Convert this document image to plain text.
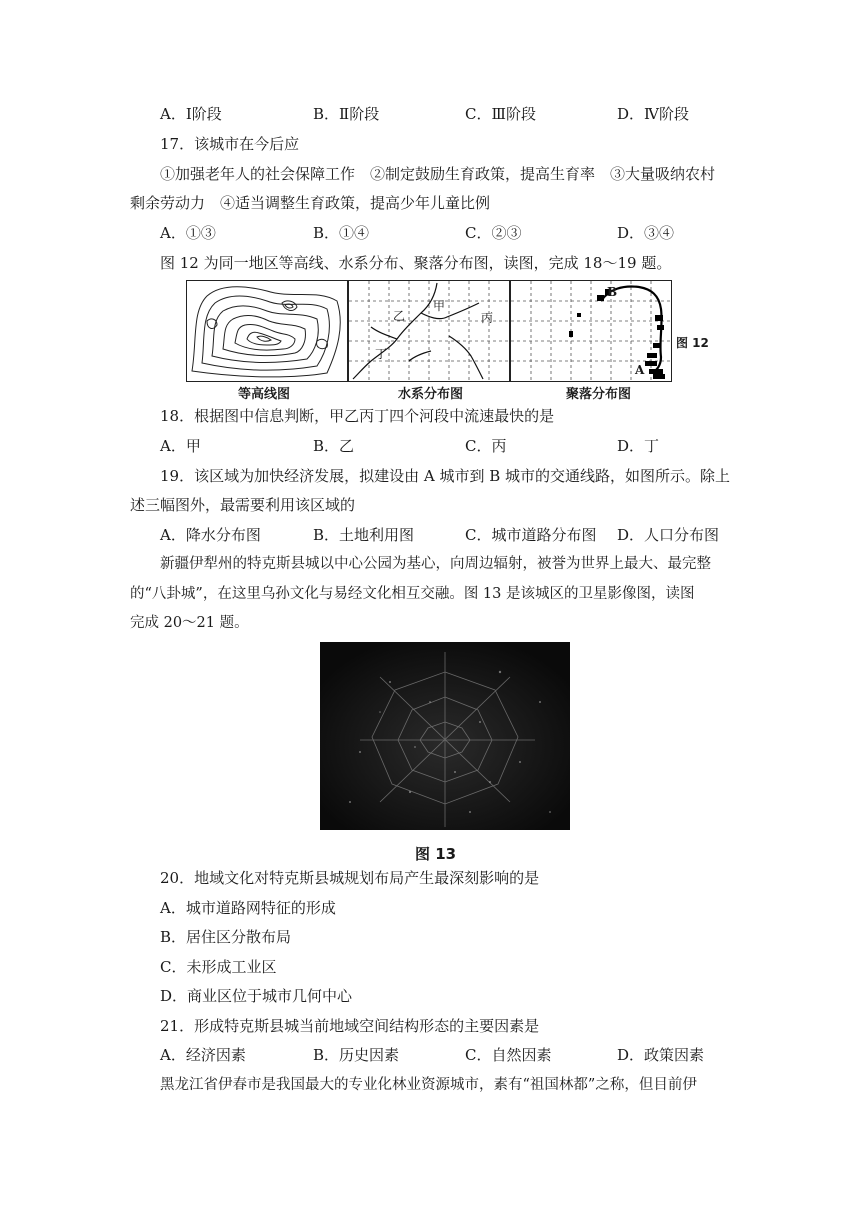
A．Ⅰ阶段	B．Ⅱ阶段	C．Ⅲ阶段	D．Ⅳ阶段
17．该城市在今后应
①加强老年人的社会保障工作　②制定鼓励生育政策，提高生育率　③大量吸纳农村
剩余劳动力　④适当调整生育政策，提高少年儿童比例
A．①③	B．①④	C．②③	D．③④
图 12 为同一地区等高线、水系分布、聚落分布图，读图，完成 18～19 题。
等高线图
乙
甲
丙
丁
水系分布图
B
A
聚落分布图
图 12
18．根据图中信息判断，甲乙丙丁四个河段中流速最快的是
A．甲	B．乙	C．丙	D．丁
19．该区域为加快经济发展，拟建设由 A 城市到 B 城市的交通线路，如图所示。除上
述三幅图外，最需要利用该区域的
A．降水分布图	B．土地利用图	C．城市道路分布图 D．人口分布图
新疆伊犁州的特克斯县城以中心公园为基心，向周边辐射，被誉为世界上最大、最完整
的“八卦城”，在这里乌孙文化与易经文化相互交融。图 13 是该城区的卫星影像图，读图
完成 20～21 题。
图 13
20．地域文化对特克斯县城规划布局产生最深刻影响的是
A．城市道路网特征的形成
B．居住区分散布局
C．未形成工业区
D．商业区位于城市几何中心
21．形成特克斯县城当前地域空间结构形态的主要因素是
A．经济因素	B．历史因素	C．自然因素	D．政策因素
黑龙江省伊春市是我国最大的专业化林业资源城市，素有“祖国林都”之称，但目前伊
